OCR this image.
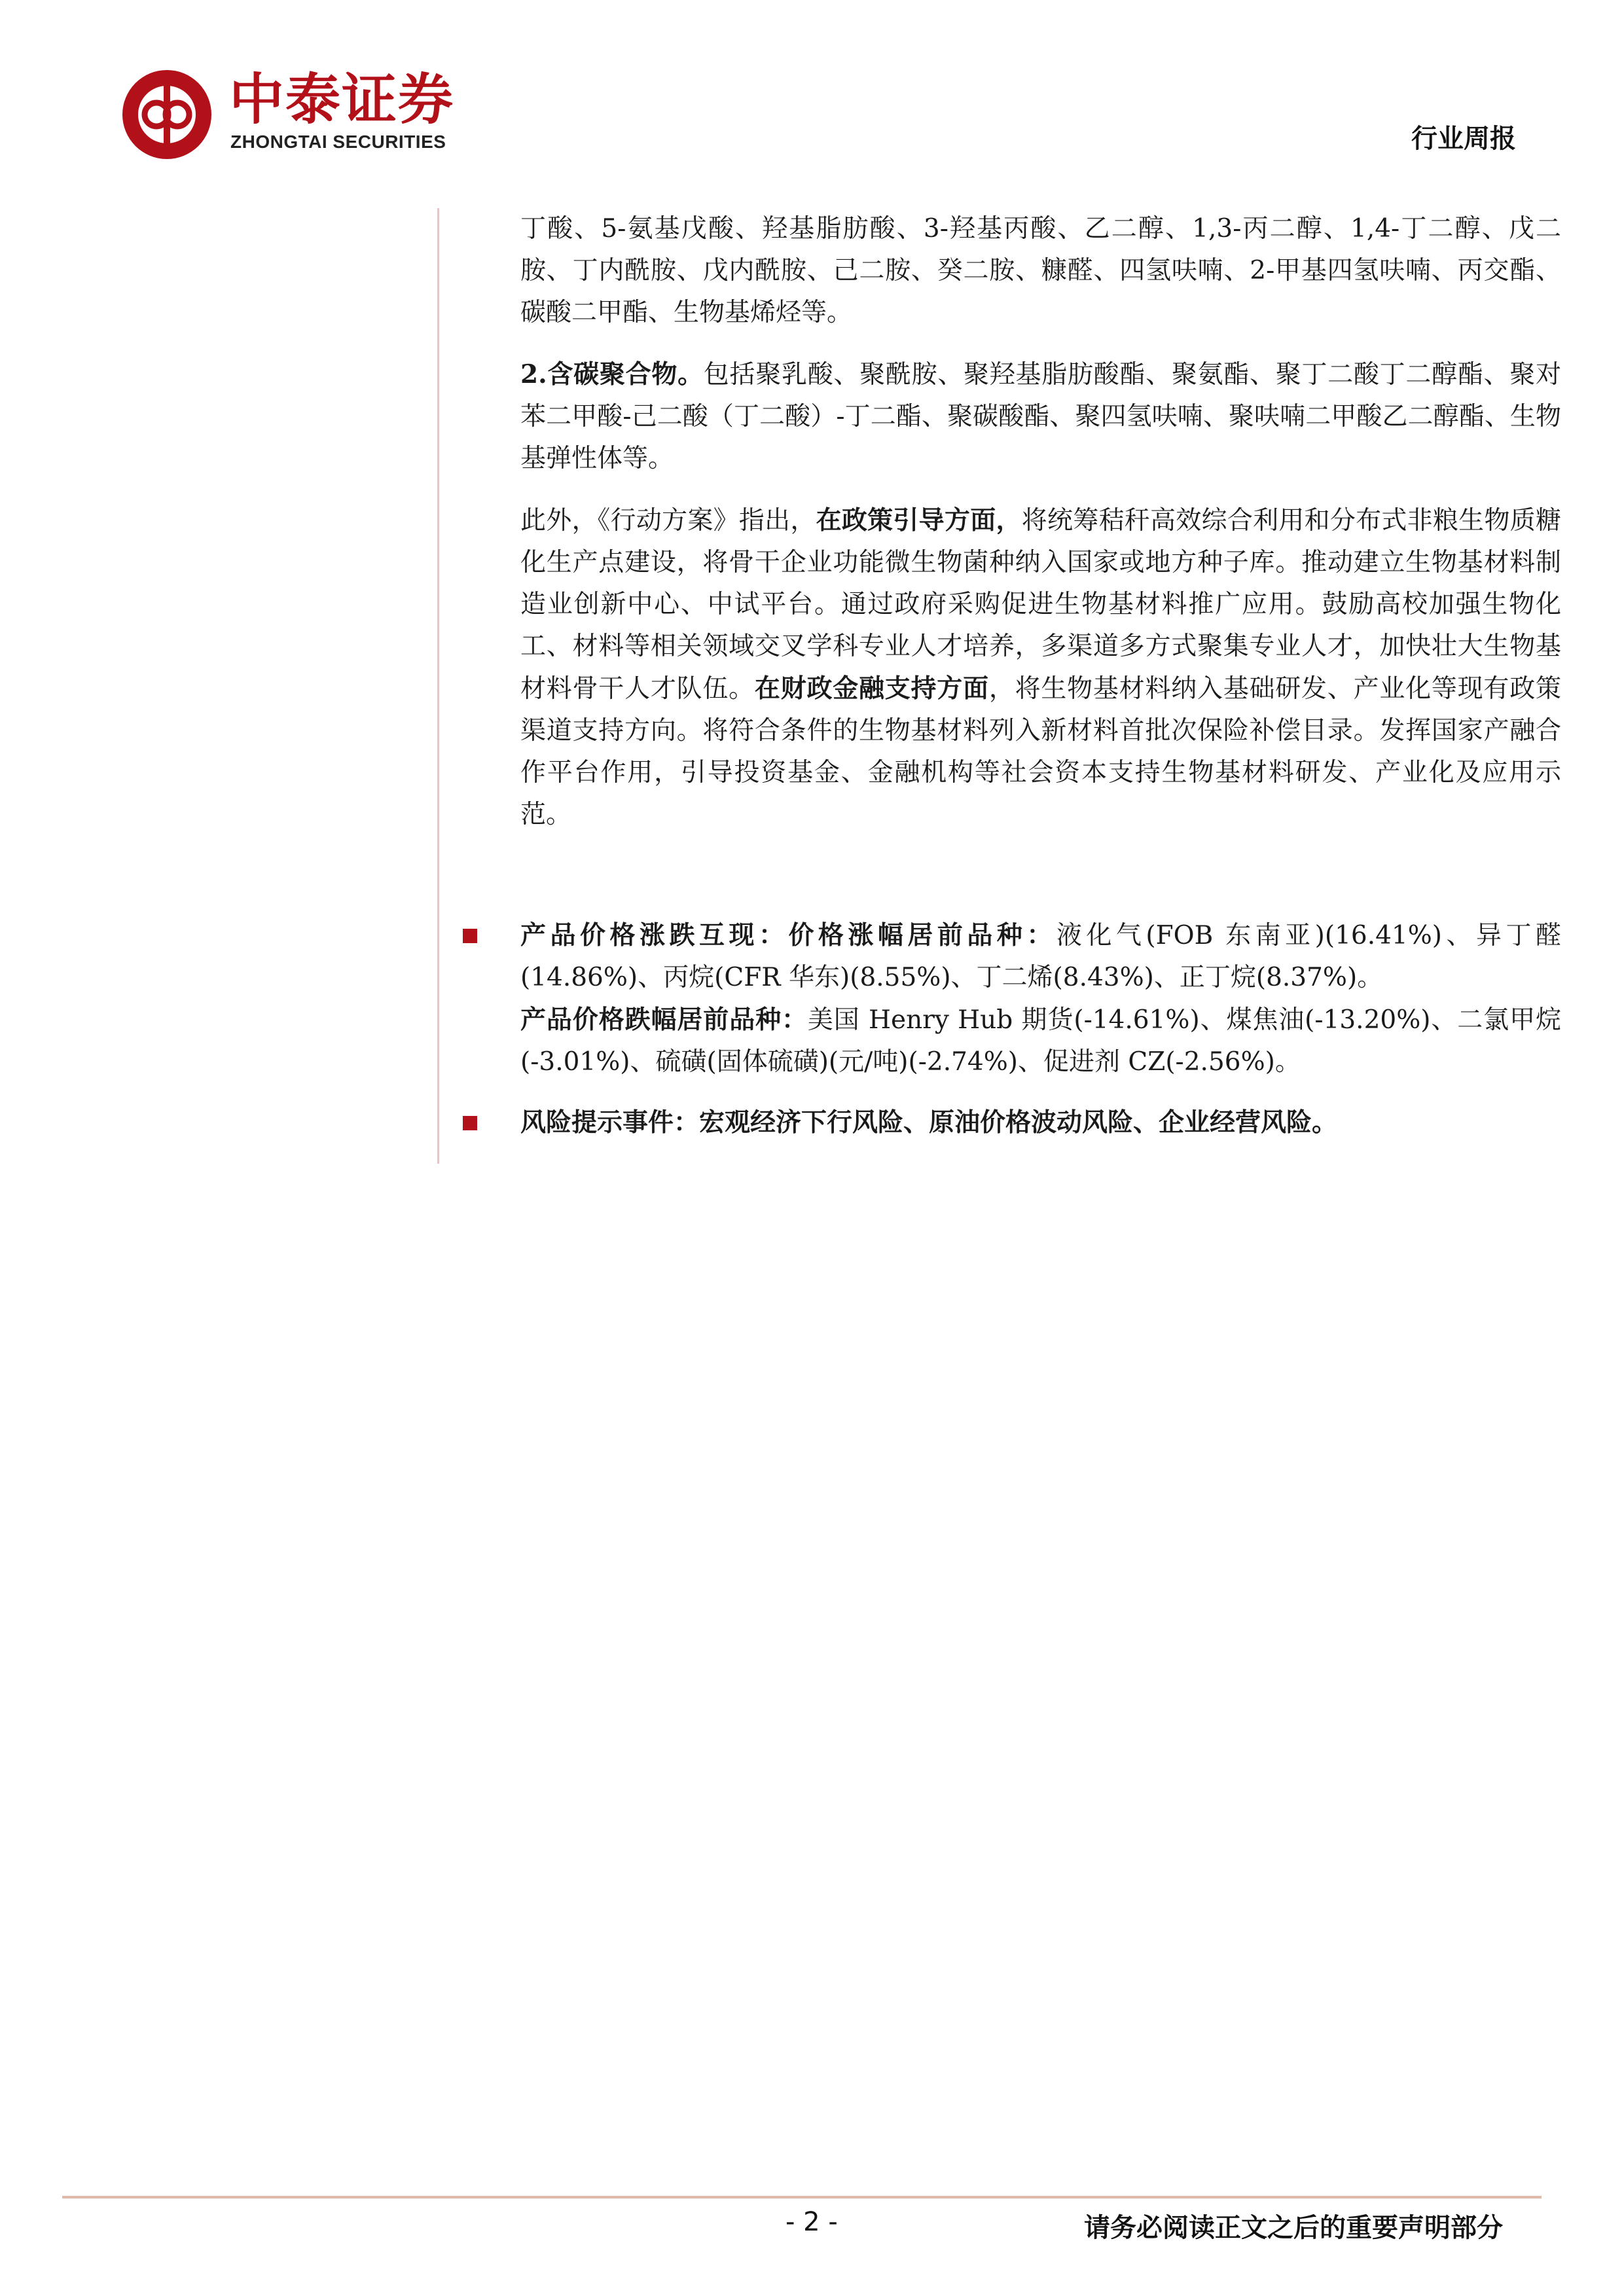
中泰证券
ZHONGTAI SECURITIES	行业周报

丁酸、5-氨基戊酸、羟基脂肪酸、3-羟基丙酸、乙二醇、1,3-丙二醇、1,4-丁二醇、戊二胺、丁内酰胺、戊内酰胺、己二胺、癸二胺、糠醛、四氢呋喃、2-甲基四氢呋喃、丙交酯、碳酸二甲酯、生物基烯烃等。

2.含碳聚合物。包括聚乳酸、聚酰胺、聚羟基脂肪酸酯、聚氨酯、聚丁二酸丁二醇酯、聚对苯二甲酸-己二酸（丁二酸）-丁二酯、聚碳酸酯、聚四氢呋喃、聚呋喃二甲酸乙二醇酯、生物基弹性体等。

此外，《行动方案》指出，在政策引导方面，将统筹秸秆高效综合利用和分布式非粮生物质糖化生产点建设，将骨干企业功能微生物菌种纳入国家或地方种子库。推动建立生物基材料制造业创新中心、中试平台。通过政府采购促进生物基材料推广应用。鼓励高校加强生物化工、材料等相关领域交叉学科专业人才培养，多渠道多方式聚集专业人才，加快壮大生物基材料骨干人才队伍。在财政金融支持方面，将生物基材料纳入基础研发、产业化等现有政策渠道支持方向。将符合条件的生物基材料列入新材料首批次保险补偿目录。发挥国家产融合作平台作用，引导投资基金、金融机构等社会资本支持生物基材料研发、产业化及应用示范。

产品价格涨跌互现：价格涨幅居前品种：液化气(FOB 东南亚)(16.41%)、异丁醛(14.86%)、丙烷(CFR 华东)(8.55%)、丁二烯(8.43%)、正丁烷(8.37%)。

产品价格跌幅居前品种：美国 Henry Hub 期货(-14.61%)、煤焦油(-13.20%)、二氯甲烷(-3.01%)、硫磺(固体硫磺)(元/吨)(-2.74%)、促进剂 CZ(-2.56%)。

风险提示事件：宏观经济下行风险、原油价格波动风险、企业经营风险。

- 2 -	请务必阅读正文之后的重要声明部分
